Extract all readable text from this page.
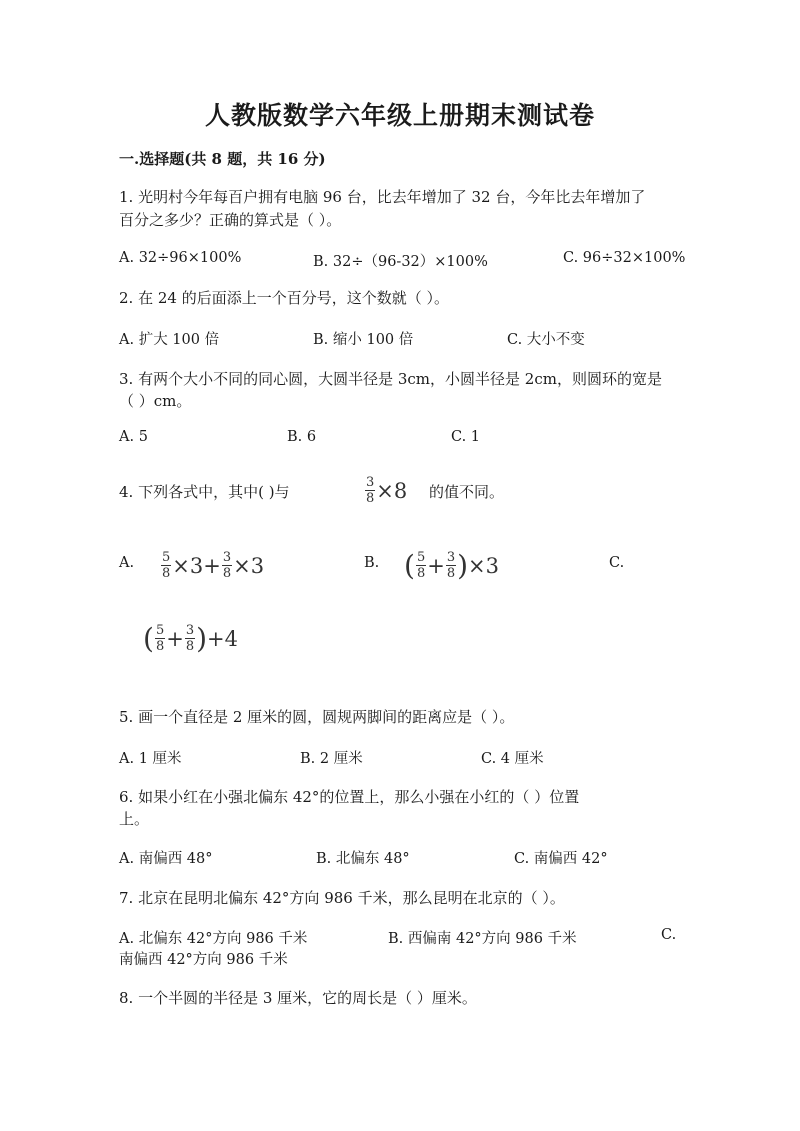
人教版数学六年级上册期末测试卷
一.选择题(共 8 题，共 16 分)
1. 光明村今年每百户拥有电脑 96 台，比去年增加了 32 台，今年比去年增加了
百分之多少？正确的算式是（ ）。
A. 32÷96×100%	B. 32÷（96-32）×100%	C. 96÷32×100%
2. 在 24 的后面添上一个百分号，这个数就（ ）。
A. 扩大 100 倍	B. 缩小 100 倍	C. 大小不变
3. 有两个大小不同的同心圆，大圆半径是 3cm，小圆半径是 2cm，则圆环的宽是
（ ）cm。
A. 5	B. 6	C. 1
4. 下列各式中，其中( )与	$\frac{3}{8} \times 8$ 的值不同。
A. $\frac{5}{8} \times 3+ \frac{3}{8} \times 3$	B. ( $\frac{5}{8} + \frac{3}{8}$ ) ×3	C.
( $\frac{5}{8} + \frac{3}{8}$ ) +4
5. 画一个直径是 2 厘米的圆，圆规两脚间的距离应是（ ）。
A. 1 厘米	B. 2 厘米	C. 4 厘米
6. 如果小红在小强北偏东 42°的位置上，那么小强在小红的（ ）位置
上。
A. 南偏西 48°	B. 北偏东 48°	C. 南偏西 42°
7. 北京在昆明北偏东 42°方向 986 千米，那么昆明在北京的（ ）。
A. 北偏东 42°方向 986 千米	B. 西偏南 42°方向 986 千米	C.
南偏西 42°方向 986 千米
8. 一个半圆的半径是 3 厘米，它的周长是（ ）厘米。
